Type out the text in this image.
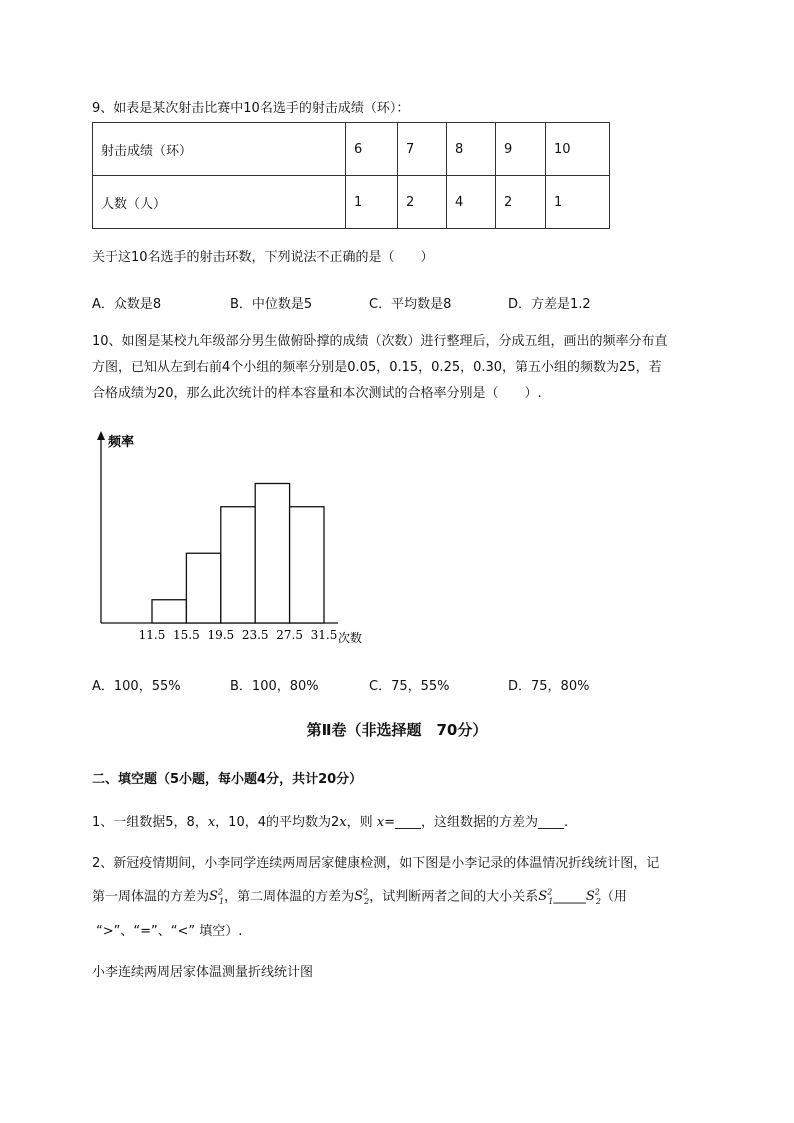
9、如表是某次射击比赛中10名选手的射击成绩（环）：
射击成绩（环）	6	7	8	9	10
人数（人）	1	2	4	2	1
关于这10名选手的射击环数，下列说法不正确的是（　　）
A．众数是8	B．中位数是5	C．平均数是8	D．方差是1.2
10、如图是某校九年级部分男生做俯卧撑的成绩（次数）进行整理后，分成五组，画出的频率分布直
方图，已知从左到右前4个小组的频率分别是0.05，0.15，0.25，0.30，第五小组的频数为25，若
合格成绩为20，那么此次统计的样本容量和本次测试的合格率分别是（　　）.
频率
次数
11.5 15.5 19.5 23.5 27.5 31.5
A．100，55%	B．100，80%	C．75，55%	D．75，80%
第Ⅱ卷（非选择题　70分）
二、填空题（5小题，每小题4分，共计20分）
1、一组数据5，8，x，10，4的平均数为2x，则 x=____，这组数据的方差为____.
2、新冠疫情期间，小李同学连续两周居家健康检测，如下图是小李记录的体温情况折线统计图，记
第一周体温的方差为$S^2_1$，第二周体温的方差为$S^2_2$，试判断两者之间的大小关系$S^2_1\_\_\_\_\_S^2_2$（用
“>”、“=”、“<” 填空）.
小李连续两周居家体温测量折线统计图
